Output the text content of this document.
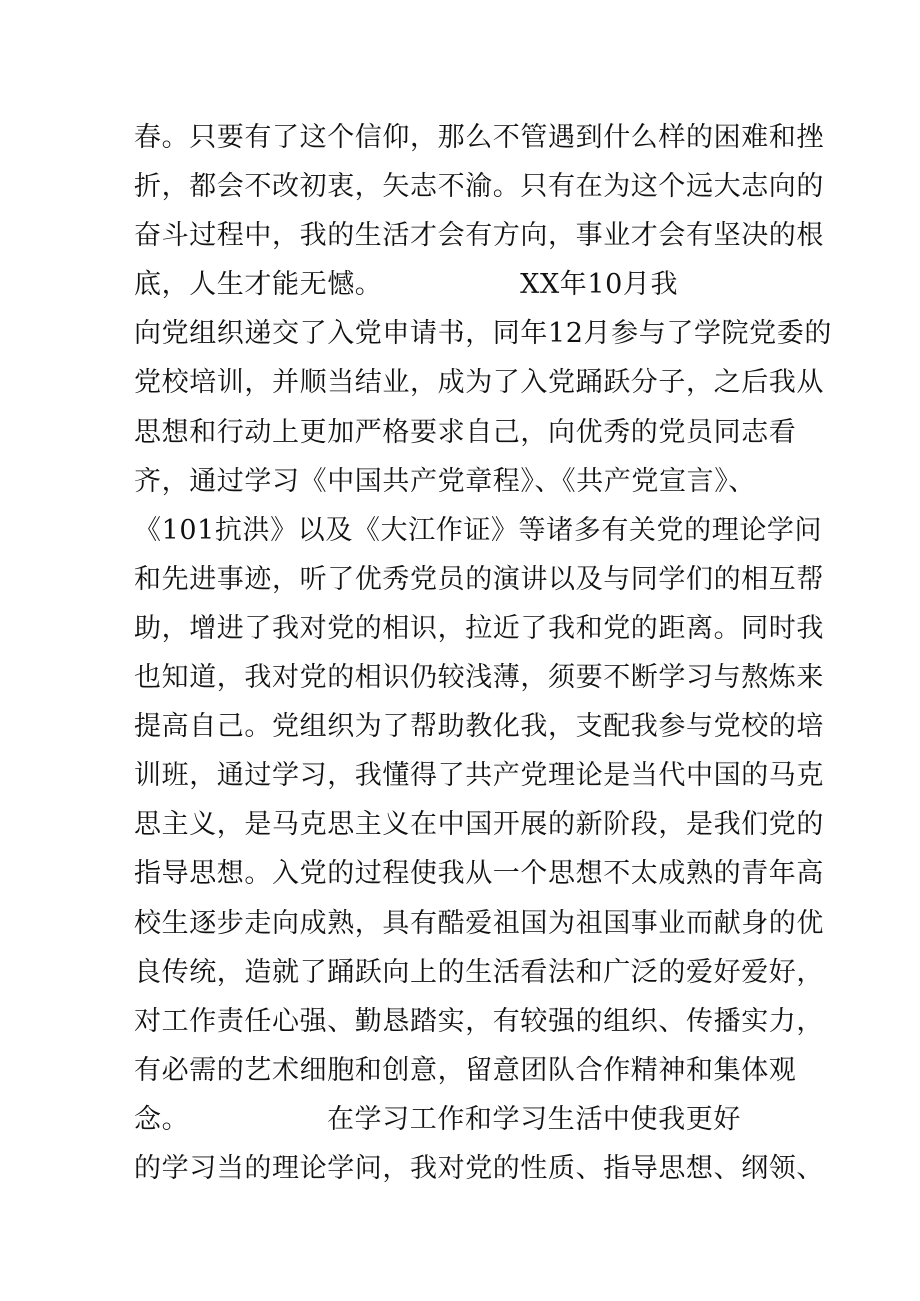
春。只要有了这个信仰，那么不管遇到什么样的困难和挫
折，都会不改初衷，矢志不渝。只有在为这个远大志向的
奋斗过程中，我的生活才会有方向，事业才会有坚决的根
底，人生才能无憾。               XX年10月我
向党组织递交了入党申请书，同年12月参与了学院党委的
党校培训，并顺当结业，成为了入党踊跃分子，之后我从
思想和行动上更加严格要求自己，向优秀的党员同志看
齐，通过学习《中国共产党章程》、《共产党宣言》、
《101抗洪》以及《大江作证》等诸多有关党的理论学问
和先进事迹，听了优秀党员的演讲以及与同学们的相互帮
助，增进了我对党的相识，拉近了我和党的距离。同时我
也知道，我对党的相识仍较浅薄，须要不断学习与熬炼来
提高自己。党组织为了帮助教化我，支配我参与党校的培
训班，通过学习，我懂得了共产党理论是当代中国的马克
思主义，是马克思主义在中国开展的新阶段，是我们党的
指导思想。入党的过程使我从一个思想不太成熟的青年高
校生逐步走向成熟，具有酷爱祖国为祖国事业而献身的优
良传统，造就了踊跃向上的生活看法和广泛的爱好爱好，
对工作责任心强、勤恳踏实，有较强的组织、传播实力，
有必需的艺术细胞和创意，留意团队合作精神和集体观
念。               在学习工作和学习生活中使我更好
的学习当的理论学问，我对党的性质、指导思想、纲领、
